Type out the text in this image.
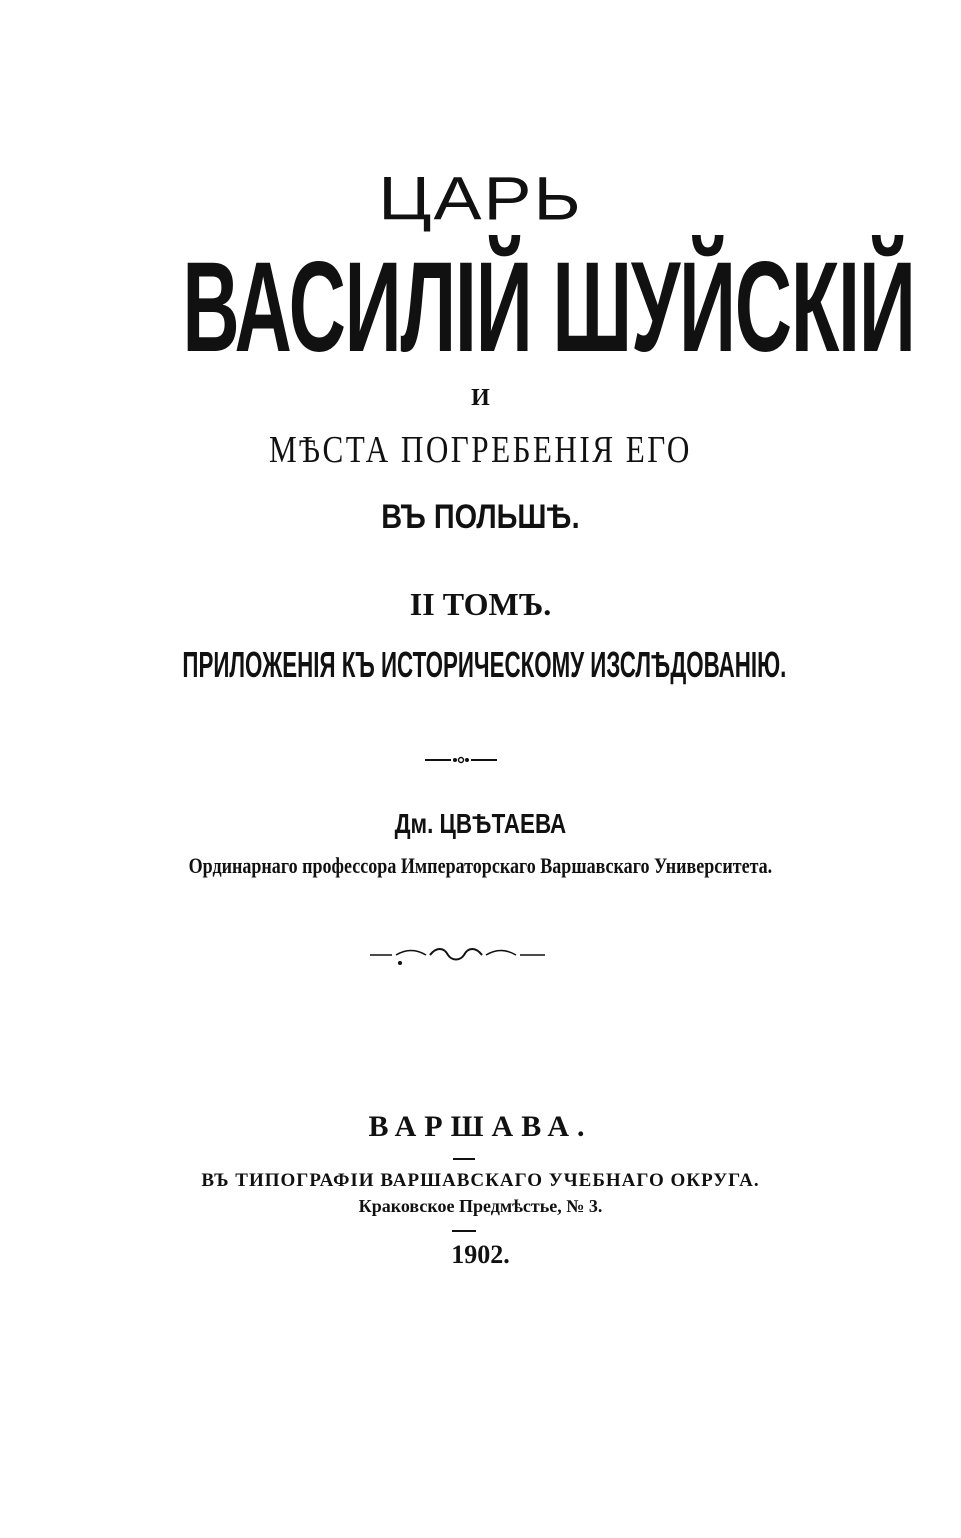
ЦАРЬ
ВАСИЛІЙ ШУЙСКІЙ
И
МѢСТА ПОГРЕБЕНІЯ ЕГО
ВЪ ПОЛЬШѢ.
II ТОМЪ.
ПРИЛОЖЕНІЯ КЪ ИСТОРИЧЕСКОМУ ИЗСЛѢДОВАНІЮ.
Дм. ЦВѢТАЕВА
Ординарнаго профессора Императорскаго Варшавскаго Университета.
ВАРШАВА.
ВЪ ТИПОГРАФІИ ВАРШАВСКАГО УЧЕБНАГО ОКРУГА.
Краковское Предмѣстье, № 3.
1902.
